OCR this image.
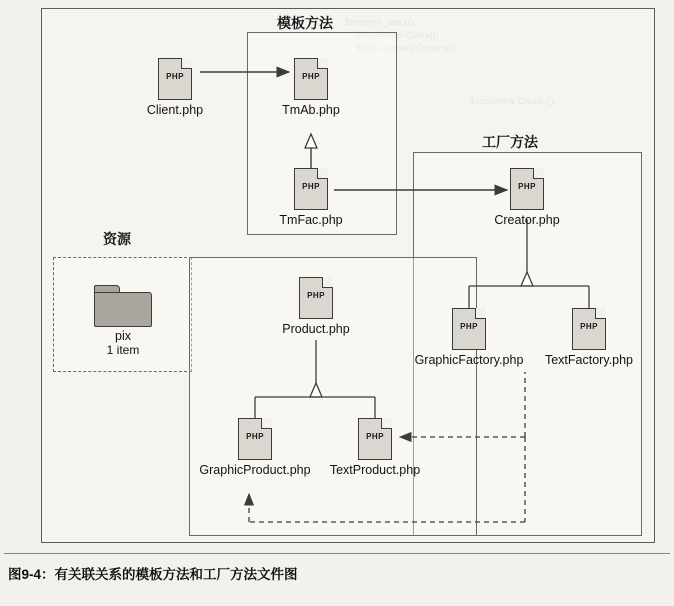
模板方法
工厂方法
资源
PHP
Client.php
PHP
TmAb.php
PHP
TmFac.php
PHP
Creator.php
PHP
GraphicFactory.php
PHP
TextFactory.php
PHP
Product.php
PHP
GraphicProduct.php
PHP
TextProduct.php
pix
1 item
图9-4：有关联关系的模板方法和工厂方法文件图
